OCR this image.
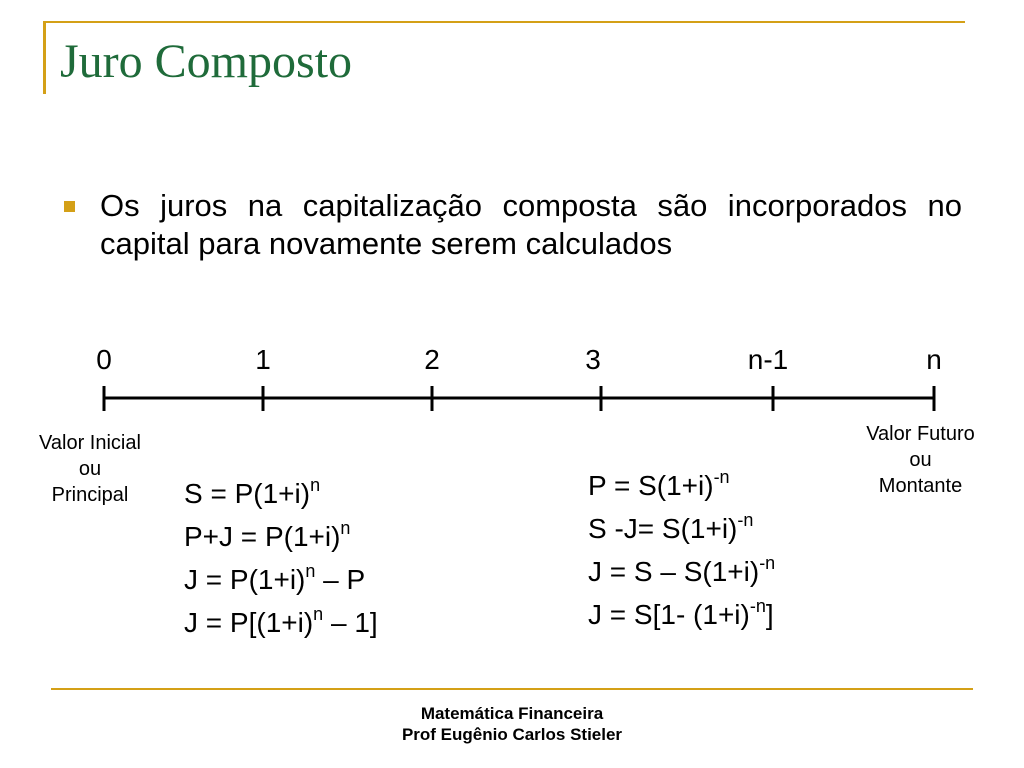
Juro Composto
Os juros na capitalização composta são incorporados no capital para novamente serem calculados
0	1	2	3	n-1	n
Valor Inicial
ou
Principal
Valor Futuro
ou
Montante
$S = P(1+i)^n$
$P+J = P(1+i)^n$
$J = P(1+i)^n - P$
$J = P[(1+i)^n - 1]$
$P = S(1+i)^{-n}$
S $-J= S(1+i)^{-n}$
$J = S - S(1+i)^{-n}$
J = S[1- $(1+i)^{-n}$]
Matemática Financeira
Prof Eugênio Carlos Stieler
